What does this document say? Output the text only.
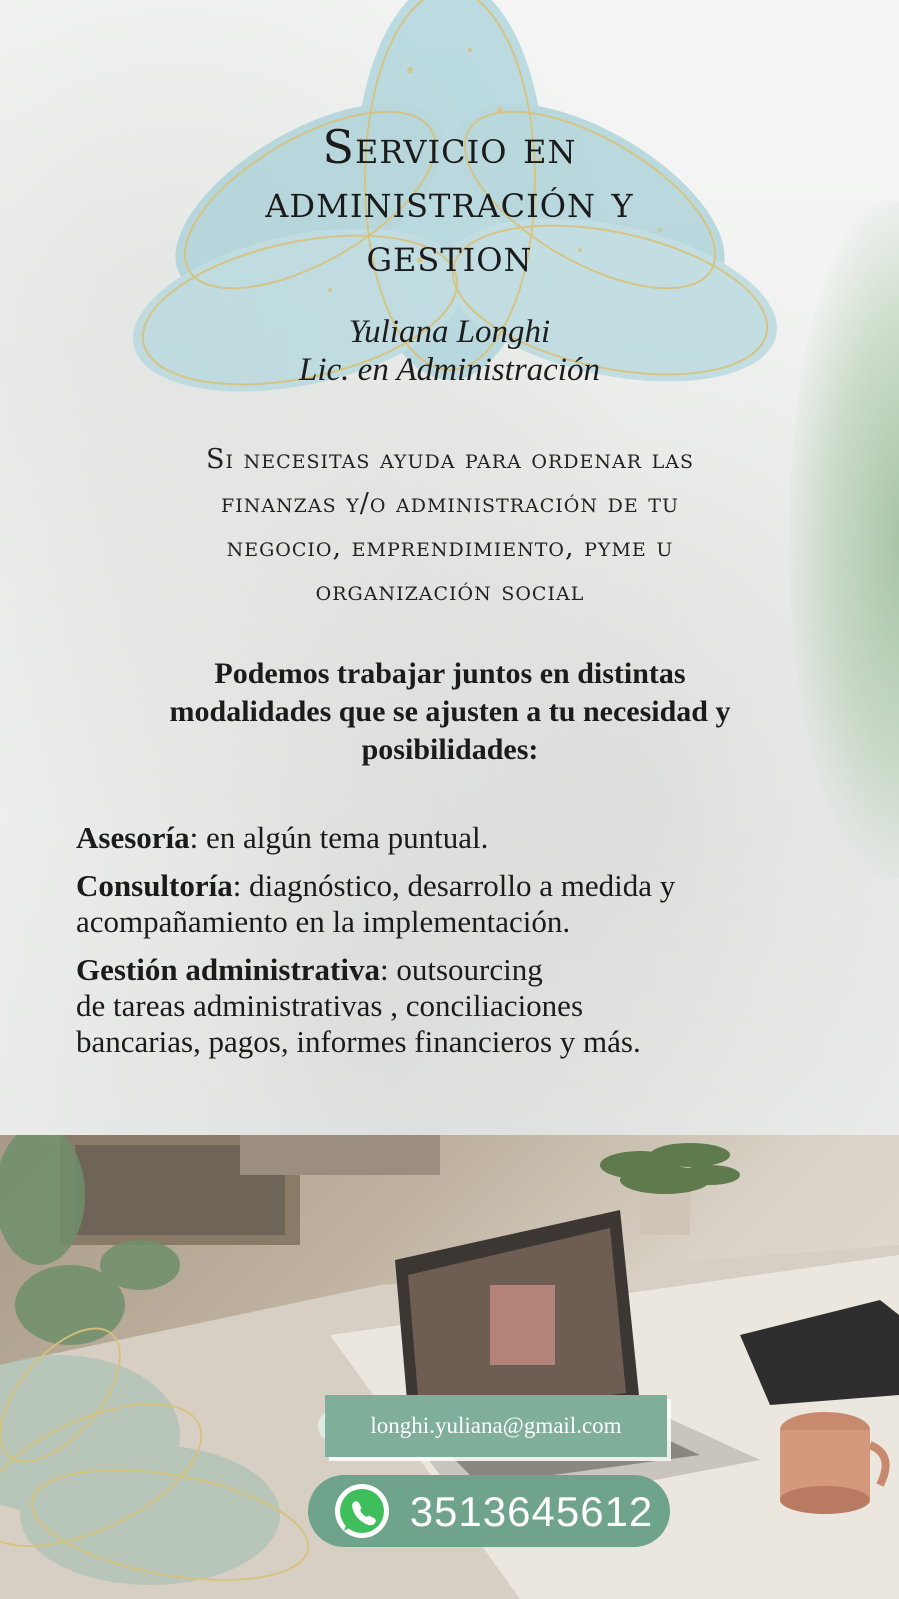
Servicio en
administración y
gestion
Yuliana Longhi
Lic. en Administración
Si necesitas ayuda para ordenar las
finanzas y/o administración de tu
negocio, emprendimiento, pyme u
organización social
Podemos trabajar juntos en distintas
modalidades que se ajusten a tu necesidad y
posibilidades:
Asesoría: en algún tema puntual.
Consultoría: diagnóstico, desarrollo a medida y
acompañamiento en la implementación.
Gestión administrativa: outsourcing
de tareas administrativas , conciliaciones
bancarias, pagos, informes financieros y más.
longhi.yuliana@gmail.com
3513645612
